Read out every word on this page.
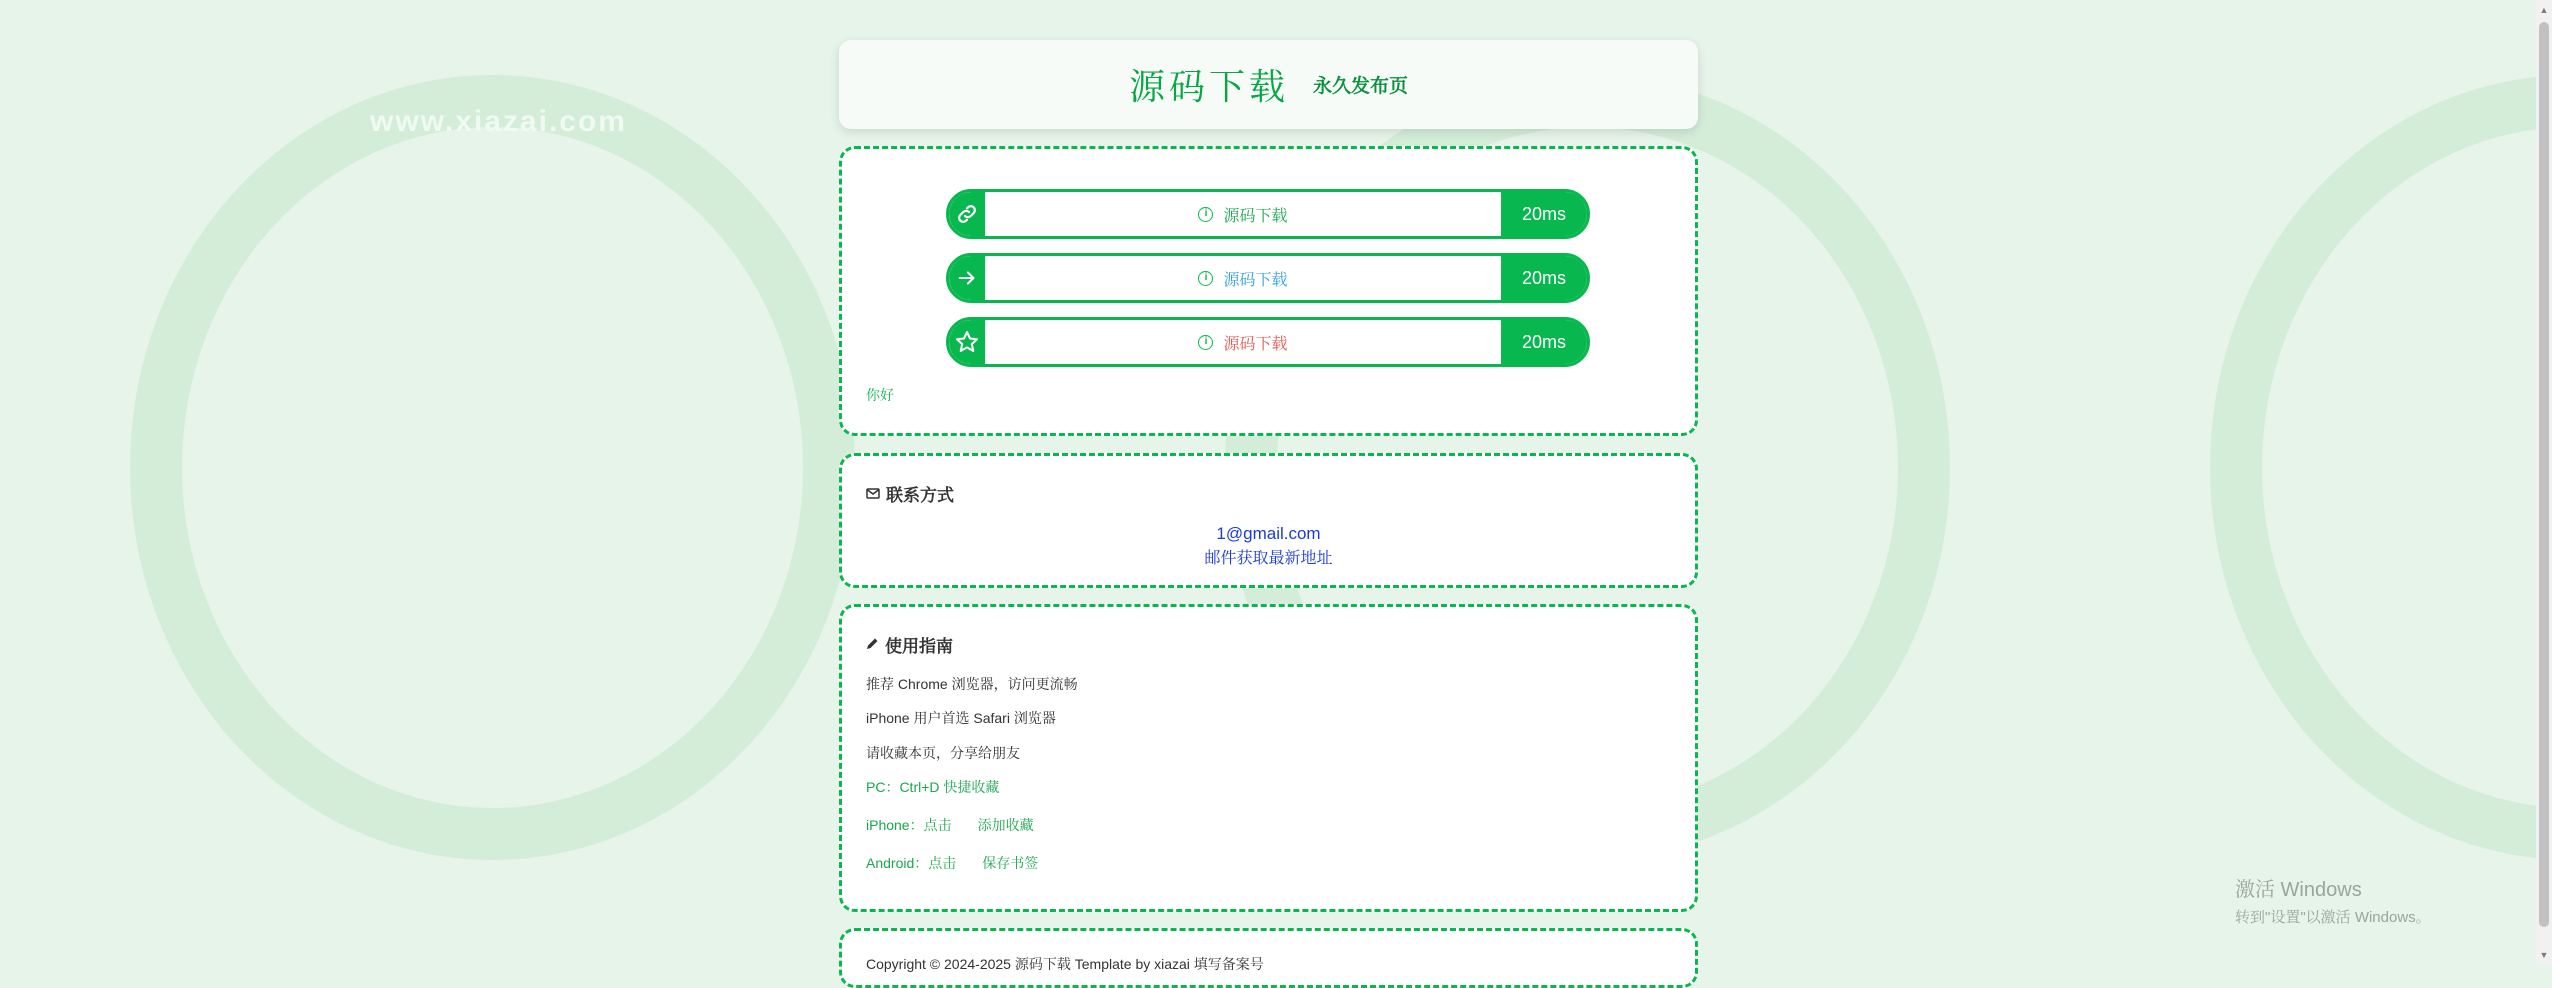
www.xiazai.com
源码下载 永久发布页
i	源码下载	20ms
i	源码下载	20ms
i	源码下载	20ms
你好
联系方式
1@gmail.com
邮件获取最新地址
使用指南
推荐 Chrome 浏览器，访问更流畅
iPhone 用户首选 Safari 浏览器
请收藏本页，分享给朋友
PC：Ctrl+D 快捷收藏
iPhone：点击 添加收藏
Android：点击 保存书签
Copyright © 2024-2025 源码下载 Template by xiazai 填写备案号
激活 Windows
转到"设置"以激活 Windows。
▲
▼
